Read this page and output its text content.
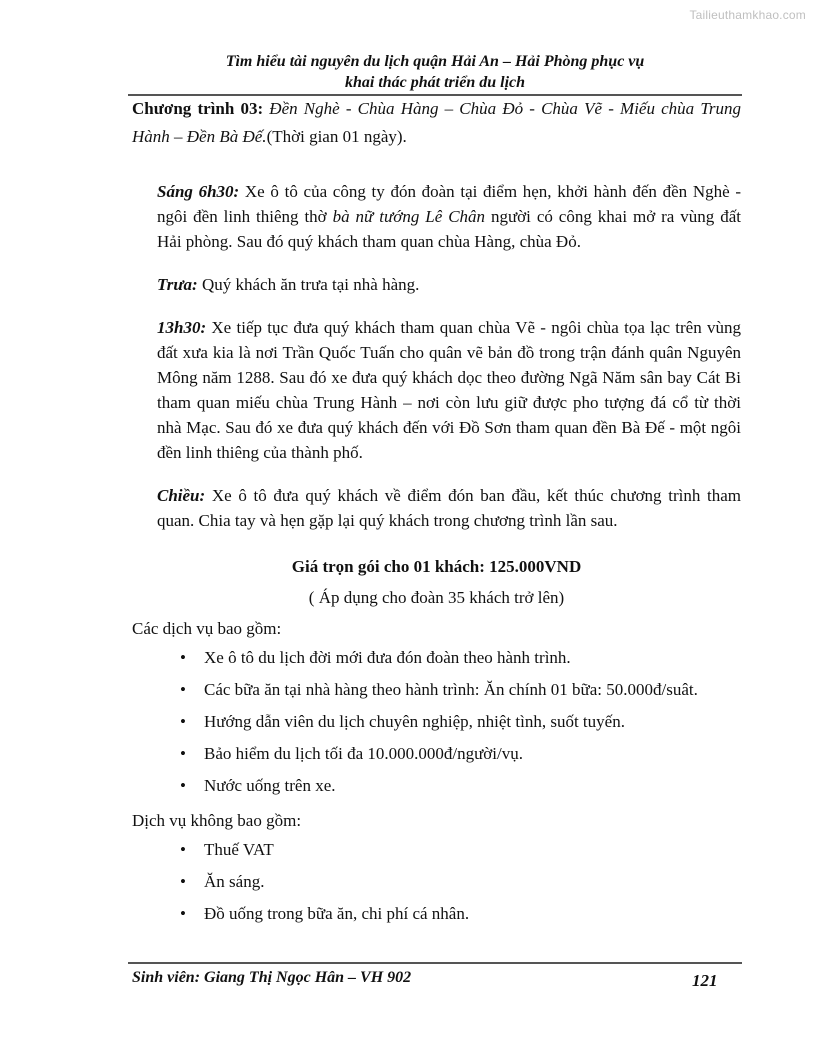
Tailieuthamkhao.com
Tìm hiểu tài nguyên du lịch quận Hải An – Hải Phòng phục vụ
khai thác phát triển du lịch

Chương trình 03: Đền Nghè - Chùa Hàng – Chùa Đỏ - Chùa Vẽ - Miếu chùa Trung Hành – Đền Bà Đế.(Thời gian 01 ngày).

Sáng 6h30: Xe ô tô của công ty đón đoàn tại điểm hẹn, khởi hành đến đền Nghè - ngôi đền linh thiêng thờ bà nữ tướng Lê Chân người có công khai mở ra vùng đất Hải phòng. Sau đó quý khách tham quan chùa Hàng, chùa Đỏ.

Trưa: Quý khách ăn trưa tại nhà hàng.

13h30: Xe tiếp tục đưa quý khách tham quan chùa Vẽ - ngôi chùa tọa lạc trên vùng đất xưa kia là nơi Trần Quốc Tuấn cho quân vẽ bản đồ trong trận đánh quân Nguyên Mông năm 1288. Sau đó xe đưa quý khách dọc theo đường Ngã Năm sân bay Cát Bi tham quan miếu chùa Trung Hành – nơi còn lưu giữ được pho tượng đá cổ từ thời nhà Mạc. Sau đó xe đưa quý khách đến với Đồ Sơn tham quan đền Bà Đế - một ngôi đền linh thiêng của thành phố.

Chiều: Xe ô tô đưa quý khách về điểm đón ban đầu, kết thúc chương trình tham quan. Chia tay và hẹn gặp lại quý khách trong chương trình lần sau.

Giá trọn gói cho 01 khách: 125.000VND

( Áp dụng cho đoàn 35 khách trở lên)

Các dịch vụ bao gồm:

• Xe ô tô du lịch đời mới đưa đón đoàn theo hành trình.
• Các bữa ăn tại nhà hàng theo hành trình: Ăn chính 01 bữa: 50.000đ/suât.
• Hướng dẫn viên du lịch chuyên nghiệp, nhiệt tình, suốt tuyến.
• Bảo hiểm du lịch tối đa 10.000.000đ/người/vụ.
• Nước uống trên xe.

Dịch vụ không bao gồm:

• Thuế VAT
• Ăn sáng.
• Đồ uống trong bữa ăn, chi phí cá nhân.
Sinh viên: Giang Thị Ngọc Hân – VH 902	121
